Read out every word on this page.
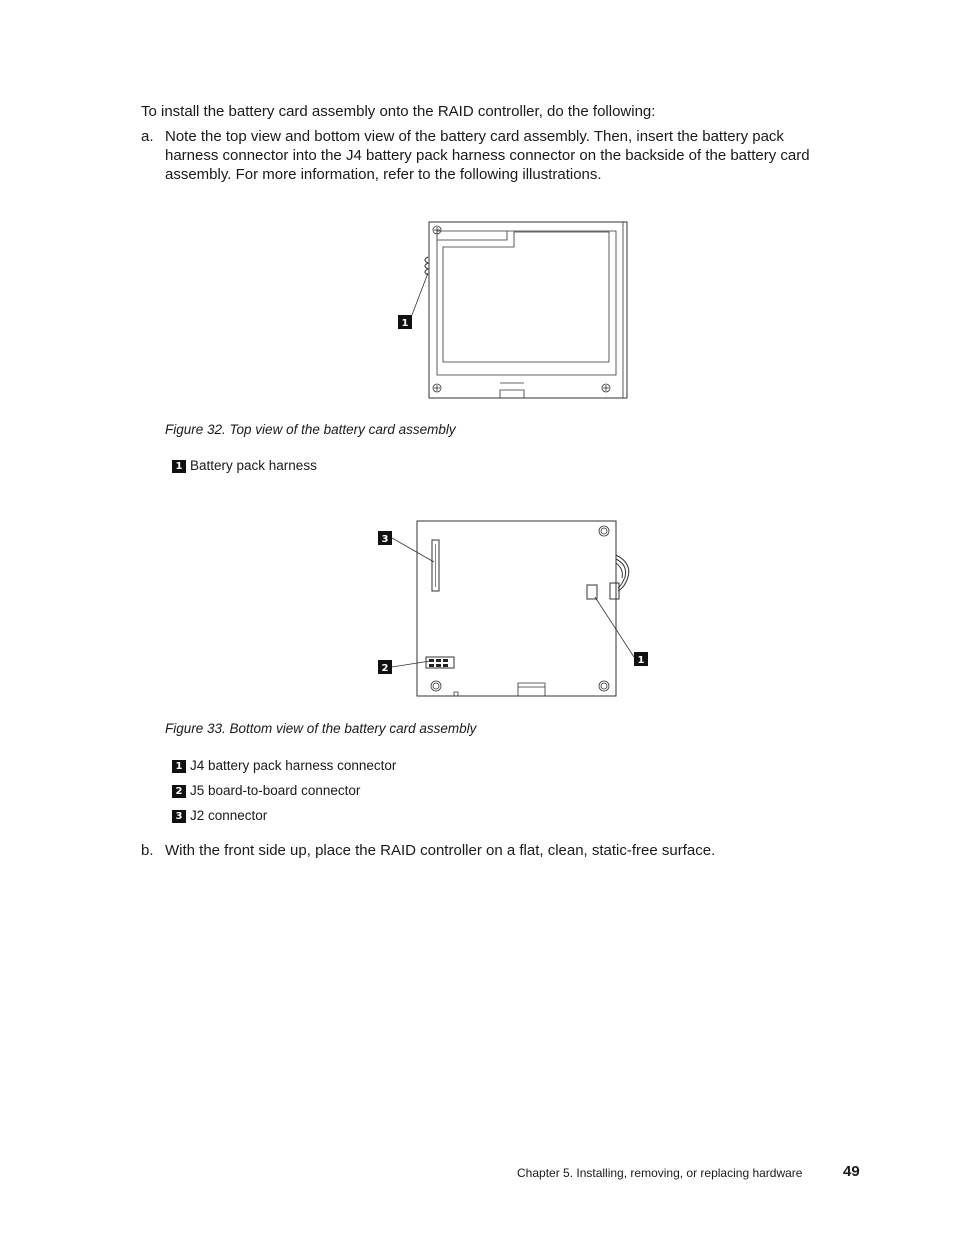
To install the battery card assembly onto the RAID controller, do the following:
a. Note the top view and bottom view of the battery card assembly. Then, insert the battery pack
harness connector into the J4 battery pack harness connector on the backside of the battery card
assembly. For more information, refer to the following illustrations.
1
Figure 32. Top view of the battery card assembly
1 Battery pack harness
3
2
1
Figure 33. Bottom view of the battery card assembly
1 J4 battery pack harness connector
2 J5 board-to-board connector
3 J2 connector
b. With the front side up, place the RAID controller on a flat, clean, static-free surface.
Chapter 5. Installing, removing, or replacing hardware	49
